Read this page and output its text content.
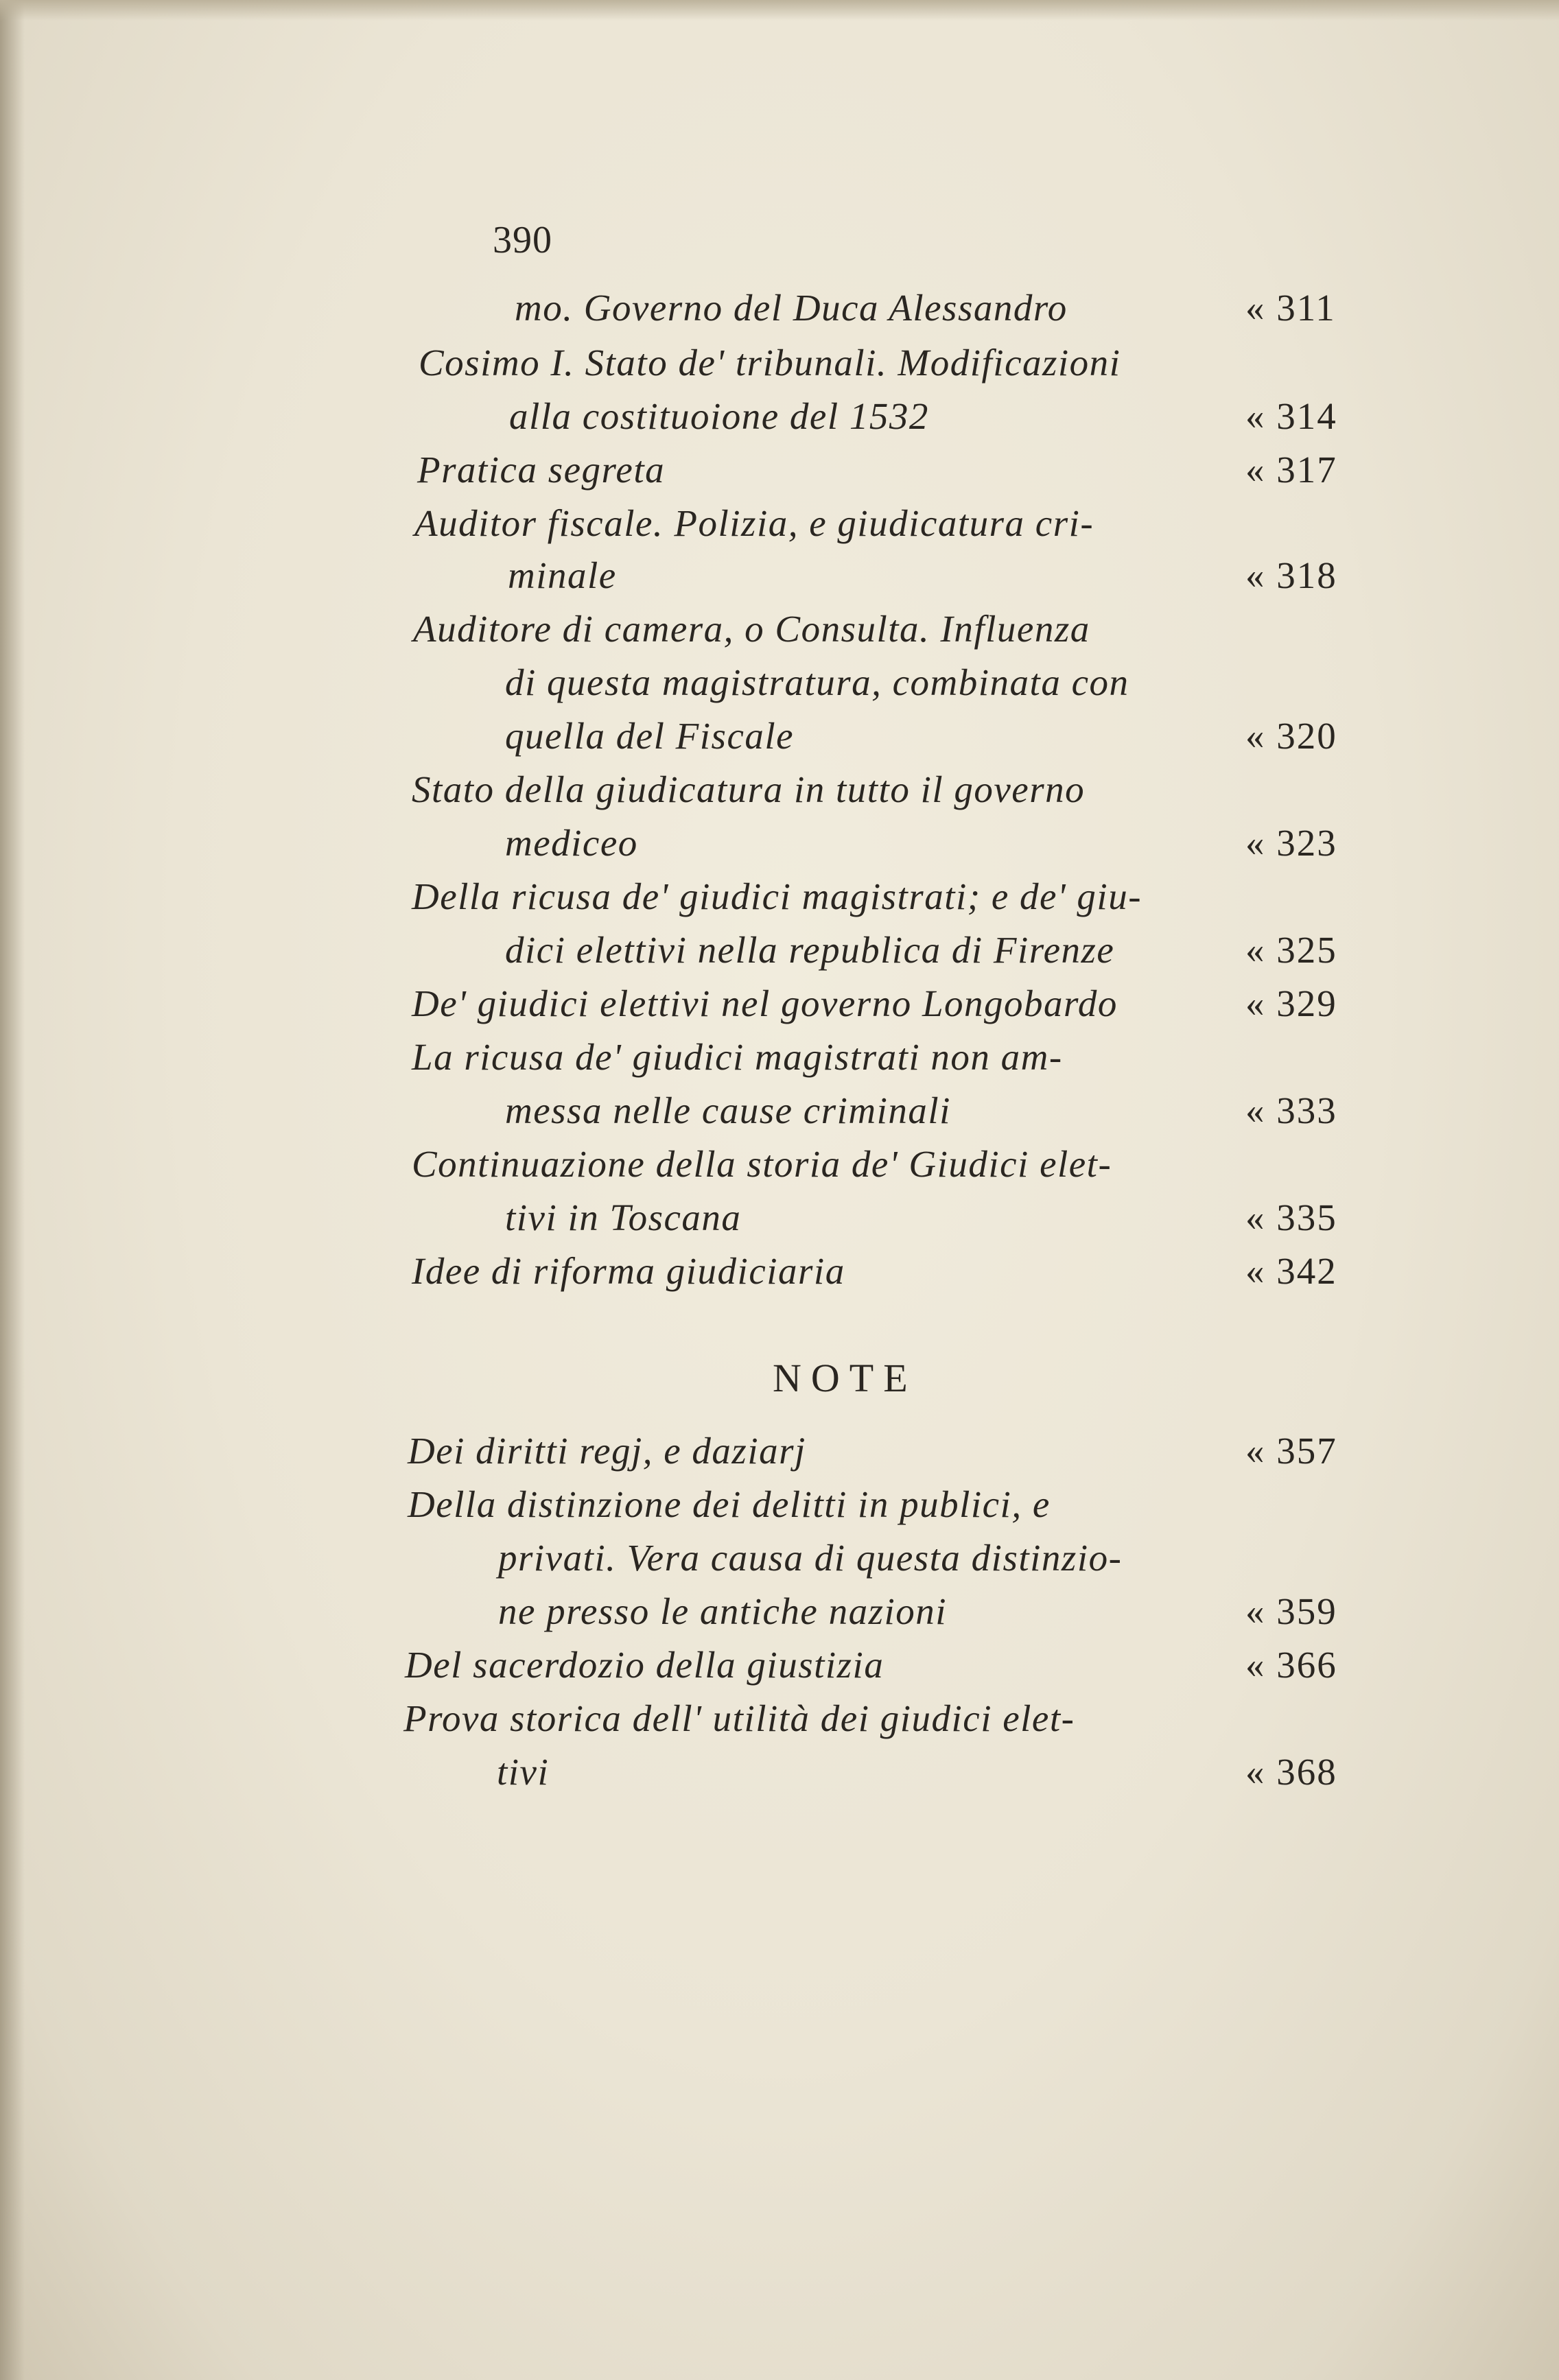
390
mo. Governo del Duca Alessandro	« 311
Cosimo I. Stato de' tribunali. Modificazioni
alla costituoione del 1532	« 314
Pratica segreta	« 317
Auditor fiscale. Polizia, e giudicatura cri-
minale	« 318
Auditore di camera, o Consulta. Influenza
di questa magistratura, combinata con
quella del Fiscale	« 320
Stato della giudicatura in tutto il governo
mediceo	« 323
Della ricusa de' giudici magistrati; e de' giu-
dici elettivi nella republica di Firenze	« 325
De' giudici elettivi nel governo Longobardo	« 329
La ricusa de' giudici magistrati non am-
messa nelle cause criminali	« 333
Continuazione della storia de' Giudici elet-
tivi in Toscana	« 335
Idee di riforma giudiciaria	« 342
NOTE
Dei diritti regj, e daziarj	« 357
Della distinzione dei delitti in publici, e
privati. Vera causa di questa distinzio-
ne presso le antiche nazioni	« 359
Del sacerdozio della giustizia	« 366
Prova storica dell' utilità dei giudici elet-
tivi	« 368
